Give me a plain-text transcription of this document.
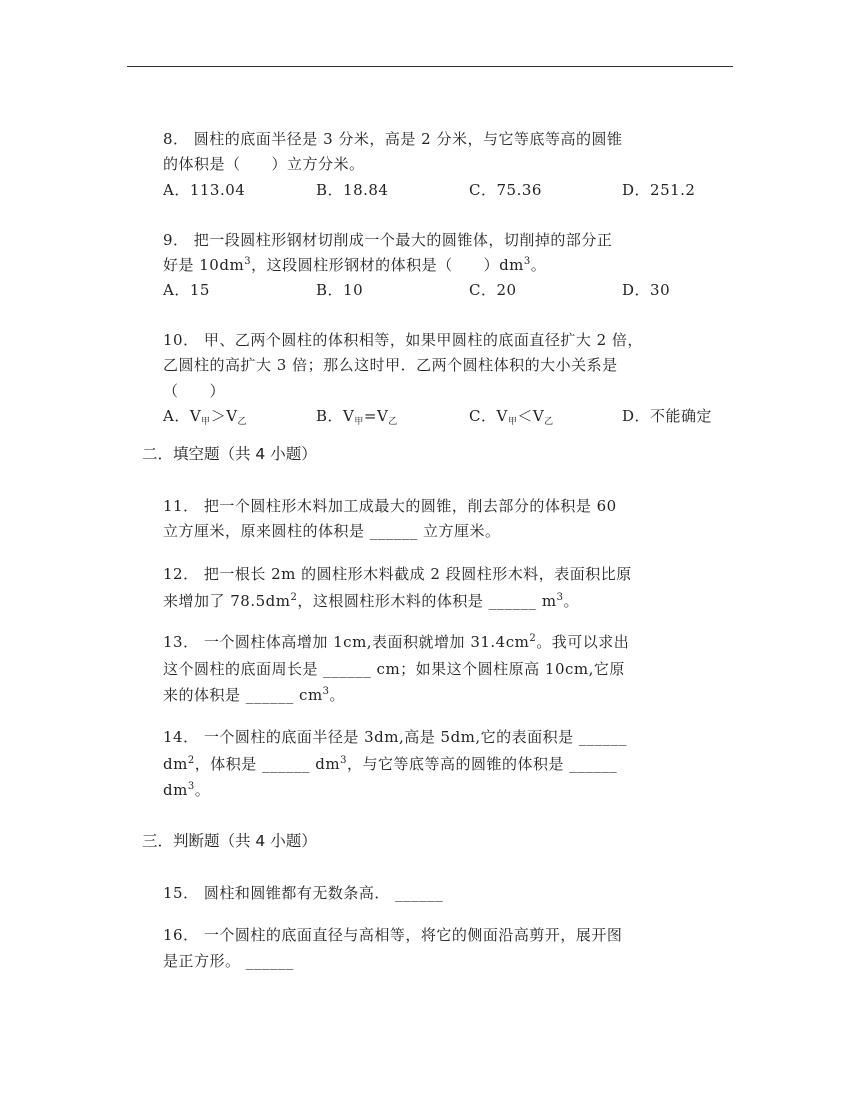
8． 圆柱的底面半径是 3 分米，高是 2 分米，与它等底等高的圆锥
的体积是（　　）立方分米。
A．113.04	B．18.84	C．75.36	D．251.2
9． 把一段圆柱形钢材切削成一个最大的圆锥体，切削掉的部分正
好是 $10dm^3$，这段圆柱形钢材的体积是（　　）$dm^3$。
A．15	B．10	C．20	D．30
10． 甲、乙两个圆柱的体积相等，如果甲圆柱的底面直径扩大 2 倍，
乙圆柱的高扩大 3 倍；那么这时甲．乙两个圆柱体积的大小关系是
（　　）
A．$V_甲>V_乙$	B．$V_甲=V_乙$	C．$V_甲<V_乙$	D．不能确定
二．填空题（共 4 小题）
11． 把一个圆柱形木料加工成最大的圆锥，削去部分的体积是 60
立方厘米，原来圆柱的体积是 ______ 立方厘米。
12． 把一根长 2m 的圆柱形木料截成 2 段圆柱形木料，表面积比原
来增加了 $78.5dm^2$，这根圆柱形木料的体积是 ______ $m^3$。
13． 一个圆柱体高增加 1cm,表面积就增加 $31.4cm^2$。我可以求出
这个圆柱的底面周长是 ______ cm；如果这个圆柱原高 10cm,它原
来的体积是 ______ $cm^3$。
14． 一个圆柱的底面半径是 3dm,高是 5dm,它的表面积是 ______
$dm^2$，体积是 ______ $dm^3$，与它等底等高的圆锥的体积是 ______
$dm^3$。
三．判断题（共 4 小题）
15． 圆柱和圆锥都有无数条高． ______
16． 一个圆柱的底面直径与高相等，将它的侧面沿高剪开，展开图
是正方形。 ______
